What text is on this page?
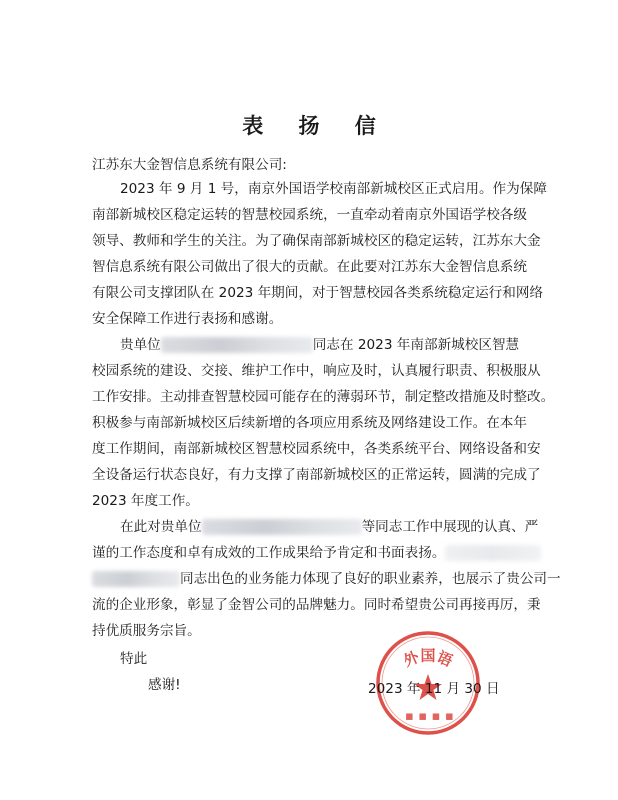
表 扬 信
江苏东大金智信息系统有限公司:
2023 年 9 月 1 号，南京外国语学校南部新城校区正式启用。作为保障
南部新城校区稳定运转的智慧校园系统，一直牵动着南京外国语学校各级
领导、教师和学生的关注。为了确保南部新城校区的稳定运转，江苏东大金
智信息系统有限公司做出了很大的贡献。在此要对江苏东大金智信息系统
有限公司支撑团队在 2023 年期间，对于智慧校园各类系统稳定运行和网络
安全保障工作进行表扬和感谢。
贵单位	同志在 2023 年南部新城校区智慧
校园系统的建设、交接、维护工作中，响应及时，认真履行职责、积极服从
工作安排。主动排查智慧校园可能存在的薄弱环节，制定整改措施及时整改。
积极参与南部新城校区后续新增的各项应用系统及网络建设工作。在本年
度工作期间，南部新城校区智慧校园系统中，各类系统平台、网络设备和安
全设备运行状态良好，有力支撑了南部新城校区的正常运转，圆满的完成了
2023 年度工作。
在此对贵单位	等同志工作中展现的认真、严
谨的工作态度和卓有成效的工作成果给予肯定和书面表扬。
同志出色的业务能力体现了良好的职业素养，也展示了贵公司一
流的企业形象，彰显了金智公司的品牌魅力。同时希望贵公司再接再厉，秉
持优质服务宗旨。
特此
感谢!
外国语
▪ ▪ ▪ ▪
2023 年 11 月 30 日
